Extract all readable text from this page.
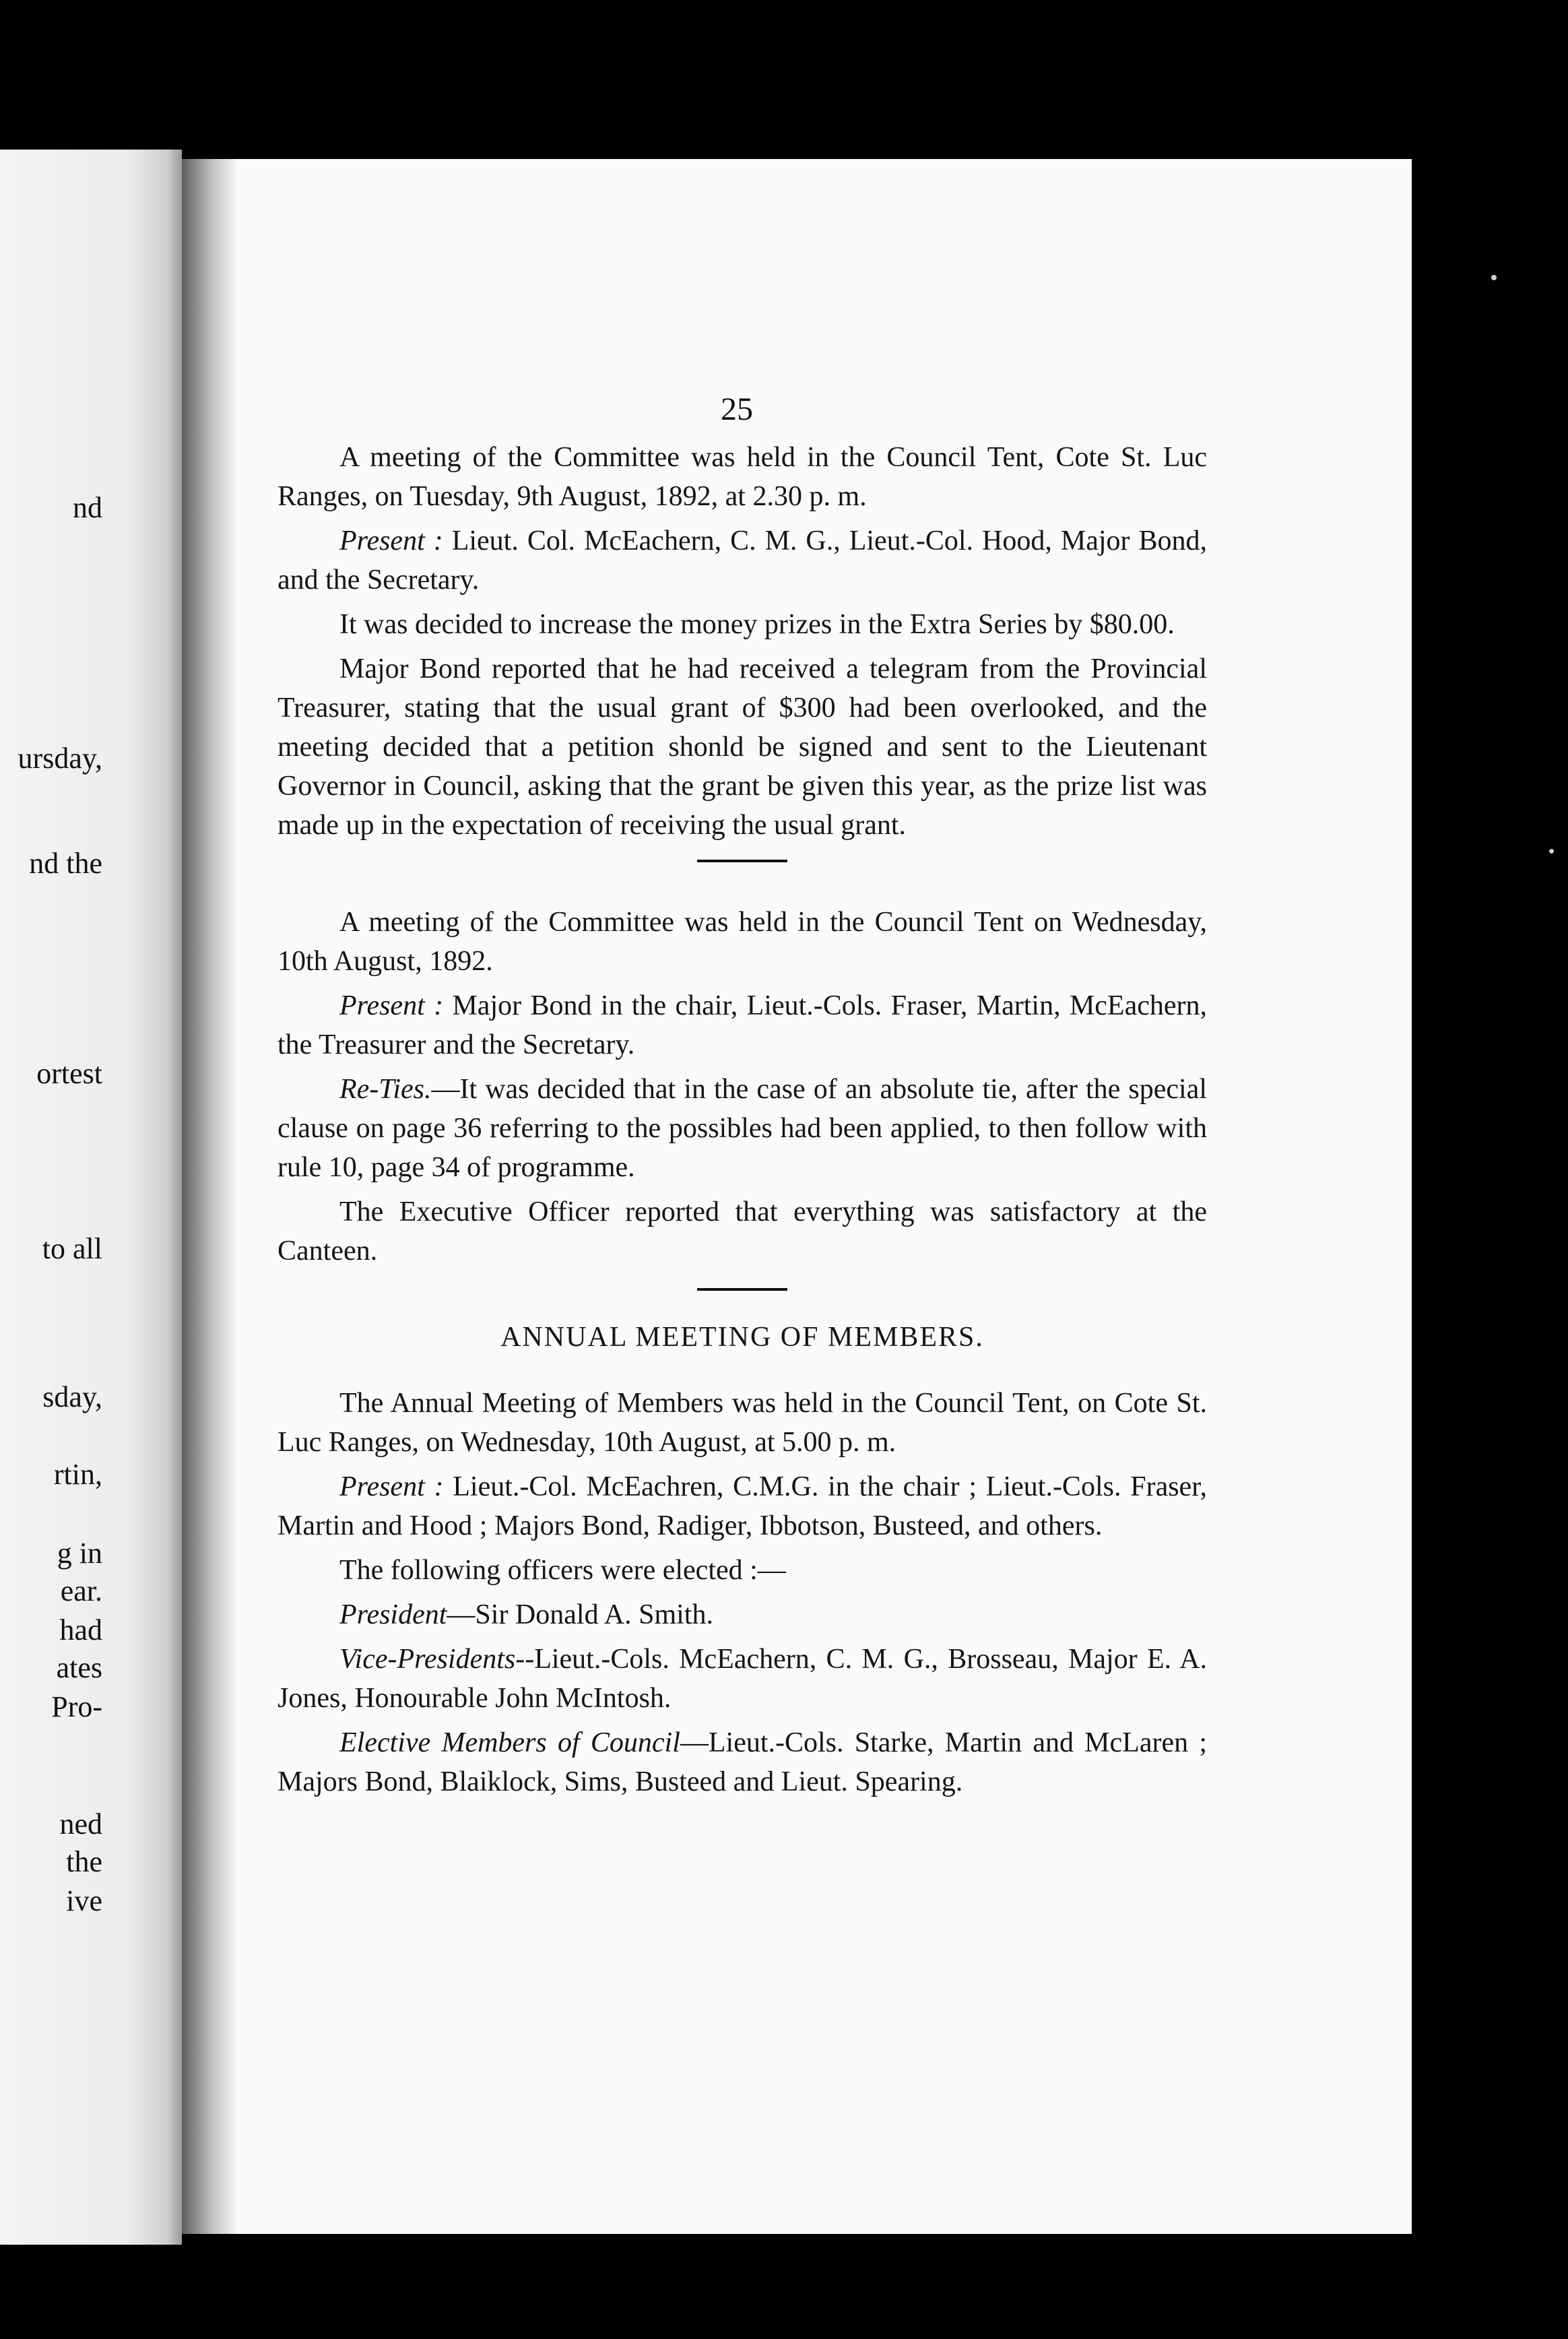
nd
ursday,
nd the
ortest
to all
sday,
rtin,
g in
ear.
had
ates
Pro-
ned
the
ive
25

A meeting of the Committee was held in the Council Tent, Cote St. Luc Ranges, on Tuesday, 9th August, 1892, at 2.30 p. m.

Present : Lieut. Col. McEachern, C. M. G., Lieut.-Col. Hood, Major Bond, and the Secretary.

It was decided to increase the money prizes in the Extra Series by $80.00.

Major Bond reported that he had received a telegram from the Provincial Treasurer, stating that the usual grant of $300 had been overlooked, and the meeting decided that a petition shonld be signed and sent to the Lieutenant Governor in Council, asking that the grant be given this year, as the prize list was made up in the expectation of receiving the usual grant.

A meeting of the Committee was held in the Council Tent on Wednesday, 10th August, 1892.

Present : Major Bond in the chair, Lieut.-Cols. Fraser, Martin, McEachern, the Treasurer and the Secretary.

Re-Ties.—It was decided that in the case of an absolute tie, after the special clause on page 36 referring to the possibles had been applied, to then follow with rule 10, page 34 of programme.

The Executive Officer reported that everything was satisfactory at the Canteen.

ANNUAL MEETING OF MEMBERS.

The Annual Meeting of Members was held in the Council Tent, on Cote St. Luc Ranges, on Wednesday, 10th August, at 5.00 p. m.

Present : Lieut.-Col. McEachren, C.M.G. in the chair ; Lieut.-Cols. Fraser, Martin and Hood ; Majors Bond, Radiger, Ibbotson, Busteed, and others.

The following officers were elected :—

President—Sir Donald A. Smith.

Vice-Presidents--Lieut.-Cols. McEachern, C. M. G., Brosseau, Major E. A. Jones, Honourable John McIntosh.

Elective Members of Council—Lieut.-Cols. Starke, Martin and McLaren ; Majors Bond, Blaiklock, Sims, Busteed and Lieut. Spearing.
